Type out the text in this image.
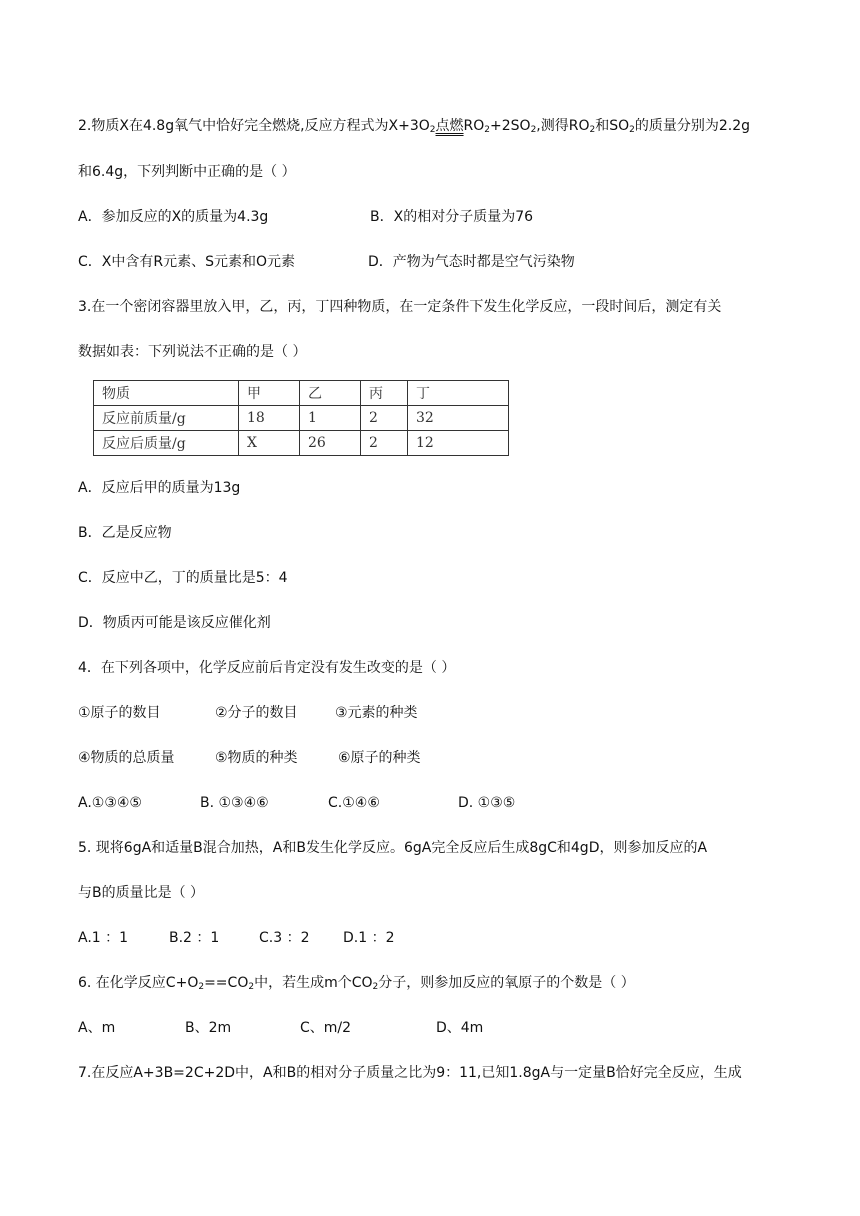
2.物质X在4.8g氧气中恰好完全燃烧,反应方程式为$X+3O_2$点燃$RO_2+2SO_2$,测得$RO_2$和$SO_2$的质量分别为2.2g
和6.4g，下列判断中正确的是（ ）
A．参加反应的X的质量为4.3g	B．X的相对分子质量为76
C．X中含有R元素、S元素和O元素	D．产物为气态时都是空气污染物
3.在一个密闭容器里放入甲，乙，丙，丁四种物质，在一定条件下发生化学反应，一段时间后，测定有关
数据如表：下列说法不正确的是（ ）
物质	甲	乙	丙	丁
反应前质量/g	18	1	2	32
反应后质量/g	X	26	2	12
A．反应后甲的质量为13g
B．乙是反应物
C．反应中乙，丁的质量比是5：4
D．物质丙可能是该反应催化剂
4．在下列各项中，化学反应前后肯定没有发生改变的是（ ）
①原子的数目	②分子的数目	③元素的种类
④物质的总质量	⑤物质的种类	⑥原子的种类
A.①③④⑤	B. ①③④⑥	C.①④⑥	D. ①③⑤
5. 现将6gA和适量B混合加热，A和B发生化学反应。6gA完全反应后生成8gC和4gD，则参加反应的A
与B的质量比是（ ）
A.1 ：1	B.2 ：1	C.3 ：2 D.1 ：2
6. 在化学反应$C+O_2==CO_2$中，若生成m个$CO_2$分子，则参加反应的氧原子的个数是（ ）
A、m	B、2m	C、m/2	D、4m
7.在反应A+3B=2C+2D中，A和B的相对分子质量之比为9：11,已知1.8gA与一定量B恰好完全反应，生成
